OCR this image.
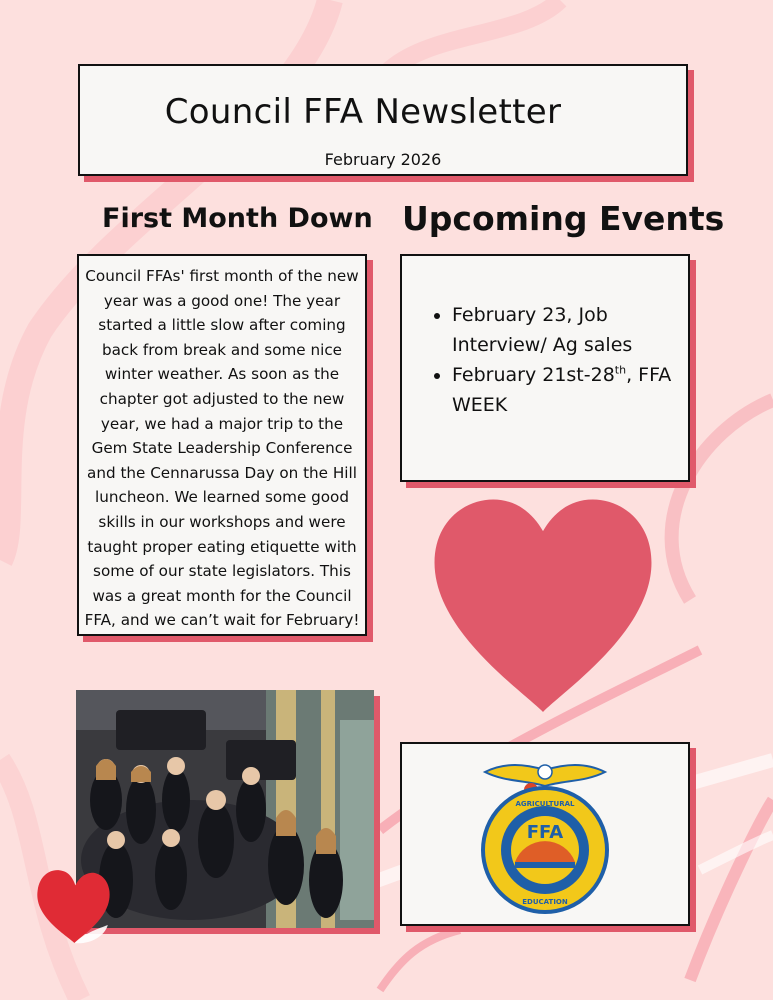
Council FFA Newsletter
February 2026
First Month Down Upcoming Events
Council FFAs' first month of the new year was a good one! The year started a little slow after coming back from break and some nice winter weather. As soon as the chapter got adjusted to the new year, we had a major trip to the Gem State Leadership Conference and the Cennarussa Day on the Hill luncheon. We learned some good skills in our workshops and were taught proper eating etiquette with some of our state legislators. This was a great month for the Council FFA, and we can’t wait for February!
• February 23, Job Interview/ Ag sales
• February 21st-28th, FFA WEEK
FFA
AGRICULTURAL
EDUCATION
